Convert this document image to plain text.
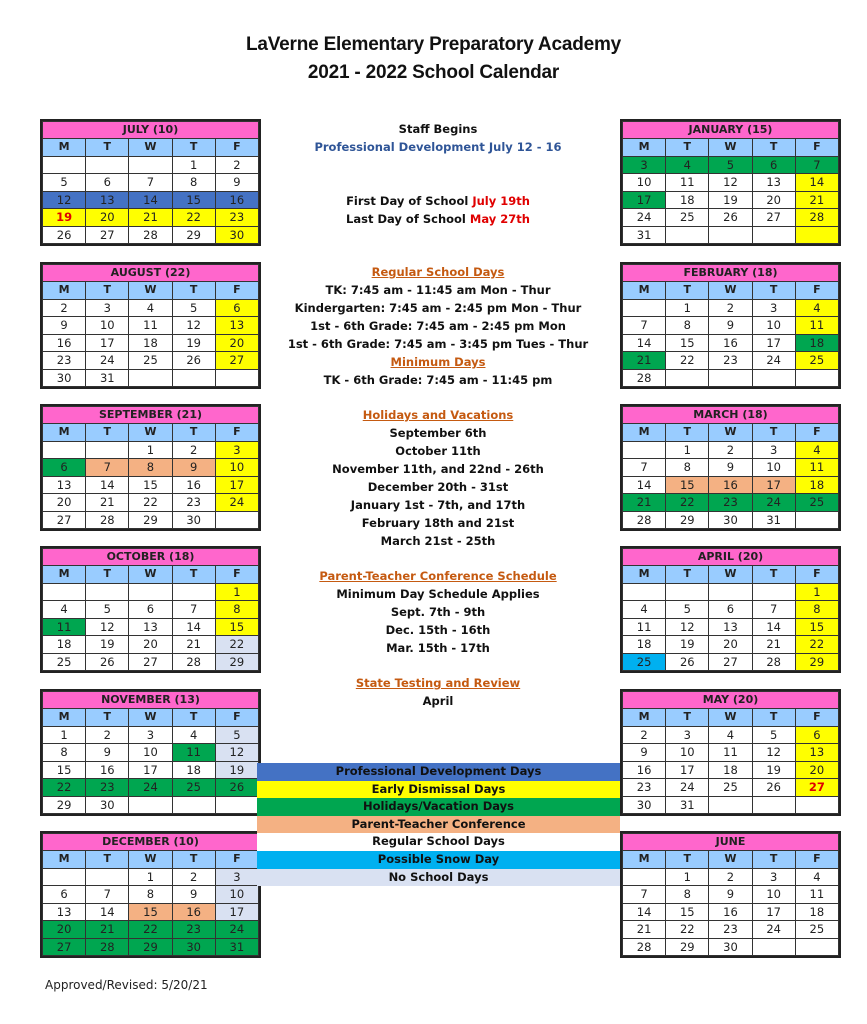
LaVerne Elementary Preparatory Academy
2021 - 2022 School Calendar
JULY (10)				
M	T	W	T	F
			1	2
5	6	7	8	9
12	13	14	15	16
19	20	21	22	23
26	27	28	29	30
AUGUST (22)				
M	T	W	T	F
2	3	4	5	6
9	10	11	12	13
16	17	18	19	20
23	24	25	26	27
30	31			
SEPTEMBER (21)				
M	T	W	T	F
		1	2	3
6	7	8	9	10
13	14	15	16	17
20	21	22	23	24
27	28	29	30	
OCTOBER (18)				
M	T	W	T	F
				1
4	5	6	7	8
11	12	13	14	15
18	19	20	21	22
25	26	27	28	29
NOVEMBER (13)				
M	T	W	T	F
1	2	3	4	5
8	9	10	11	12
15	16	17	18	19
22	23	24	25	26
29	30			
DECEMBER (10)				
M	T	W	T	F
		1	2	3
6	7	8	9	10
13	14	15	16	17
20	21	22	23	24
27	28	29	30	31
JANUARY (15)				
M	T	W	T	F
3	4	5	6	7
10	11	12	13	14
17	18	19	20	21
24	25	26	27	28
31				
FEBRUARY (18)				
M	T	W	T	F
	1	2	3	4
7	8	9	10	11
14	15	16	17	18
21	22	23	24	25
28				
MARCH (18)				
M	T	W	T	F
	1	2	3	4
7	8	9	10	11
14	15	16	17	18
21	22	23	24	25
28	29	30	31	
APRIL (20)				
M	T	W	T	F
				1
4	5	6	7	8
11	12	13	14	15
18	19	20	21	22
25	26	27	28	29
MAY (20)				
M	T	W	T	F
2	3	4	5	6
9	10	11	12	13
16	17	18	19	20
23	24	25	26	27
30	31			
JUNE				
M	T	W	T	F
	1	2	3	4
7	8	9	10	11
14	15	16	17	18
21	22	23	24	25
28	29	30		
Staff Begins
Professional Development July 12 - 16
First Day of School July 19th
Last Day of School May 27th
Regular School Days
TK: 7:45 am - 11:45 am Mon - Thur
Kindergarten: 7:45 am - 2:45 pm Mon - Thur
1st - 6th Grade: 7:45 am - 2:45 pm Mon
1st - 6th Grade: 7:45 am - 3:45 pm Tues - Thur
Minimum Days
TK - 6th Grade: 7:45 am - 11:45 pm
Holidays and Vacations
September 6th
October 11th
November 11th, and 22nd - 26th
December 20th - 31st
January 1st - 7th, and 17th
February 18th and 21st
March 21st - 25th
Parent-Teacher Conference Schedule
Minimum Day Schedule Applies
Sept. 7th - 9th
Dec. 15th - 16th
Mar. 15th - 17th
State Testing and Review
April
Professional Development Days
Early Dismissal Days
Holidays/Vacation Days
Parent-Teacher Conference
Regular School Days
Possible Snow Day
No School Days
Approved/Revised: 5/20/21
